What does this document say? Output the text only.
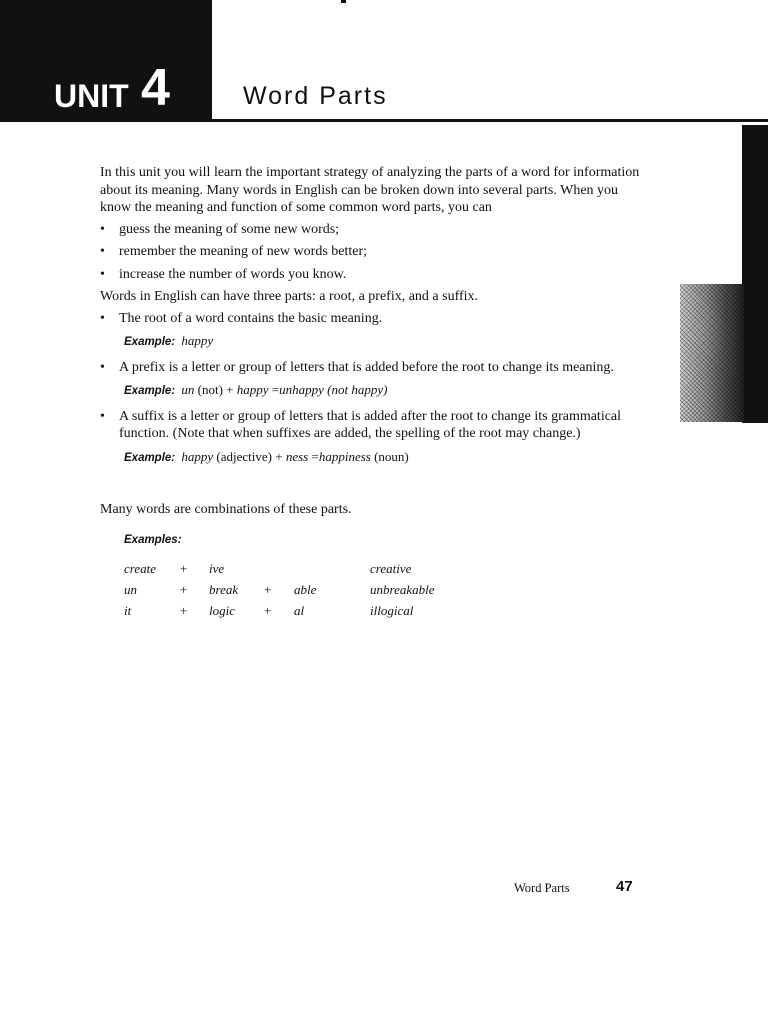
UNIT 4	Word Parts

In this unit you will learn the important strategy of analyzing the parts of a word for information about its meaning. Many words in English can be broken down into several parts. When you know the meaning and function of some common word parts, you can

• guess the meaning of some new words;
• remember the meaning of new words better;
• increase the number of words you know.

Words in English can have three parts: a root, a prefix, and a suffix.

• The root of a word contains the basic meaning.
Example: happy
• A prefix is a letter or group of letters that is added before the root to change its meaning.
Example: un (not) + happy =unhappy (not happy)
• A suffix is a letter or group of letters that is added after the root to change its grammatical function. (Note that when suffixes are added, the spelling of the root may change.)
Example: happy (adjective) + ness =happiness (noun)

Many words are combinations of these parts.

Examples:
create	+	ive			creative
un	+	break	+	able	unbreakable
it	+	logic	+	al	illogical
Word Parts	47
